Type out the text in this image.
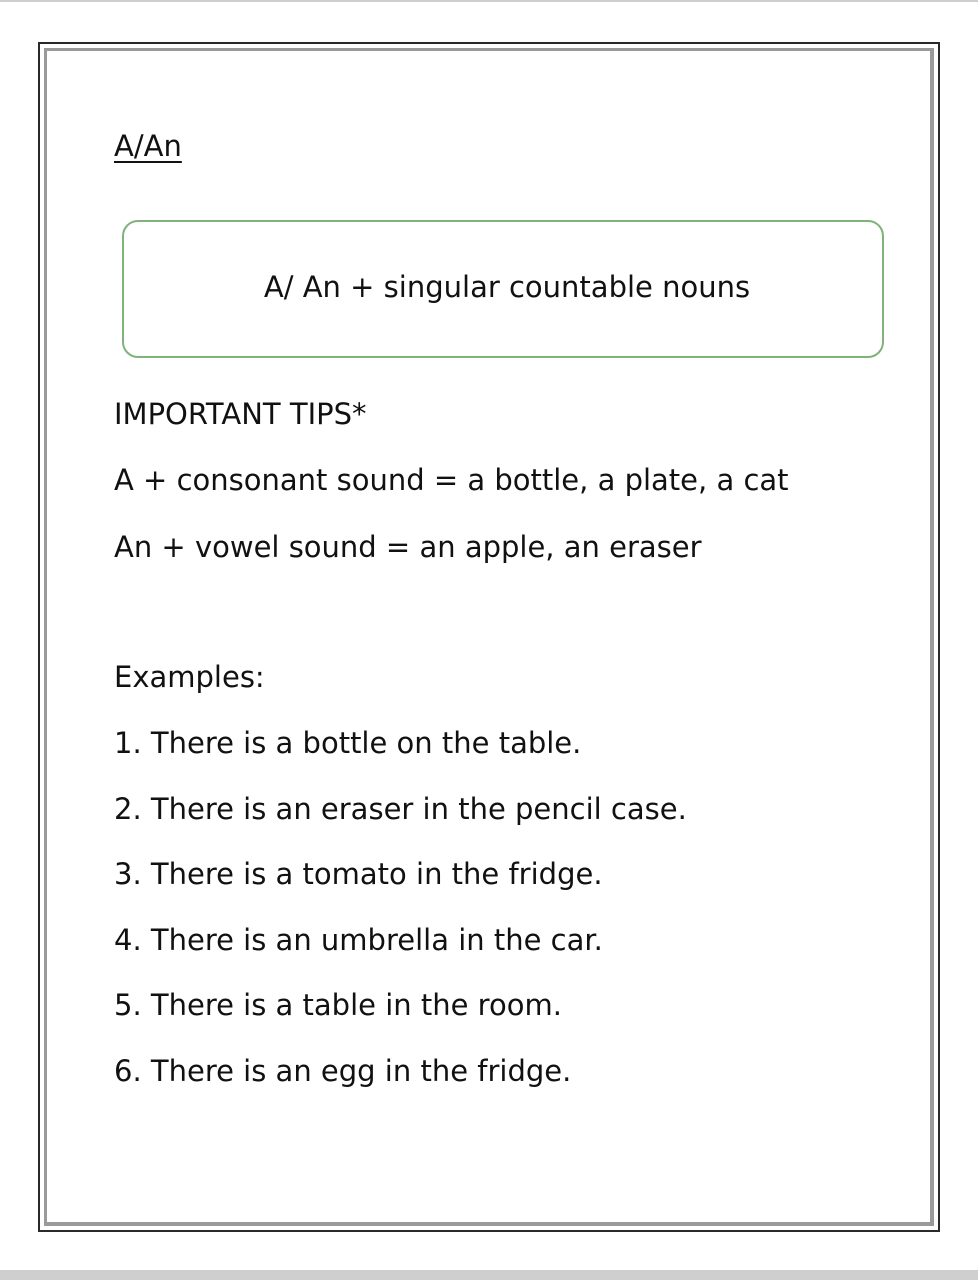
A/An
A/ An + singular countable nouns
IMPORTANT TIPS*
A + consonant sound = a bottle, a plate, a cat
An + vowel sound = an apple, an eraser
Examples:
1. There is a bottle on the table.
2. There is an eraser in the pencil case.
3. There is a tomato in the fridge.
4. There is an umbrella in the car.
5. There is a table in the room.
6. There is an egg in the fridge.
